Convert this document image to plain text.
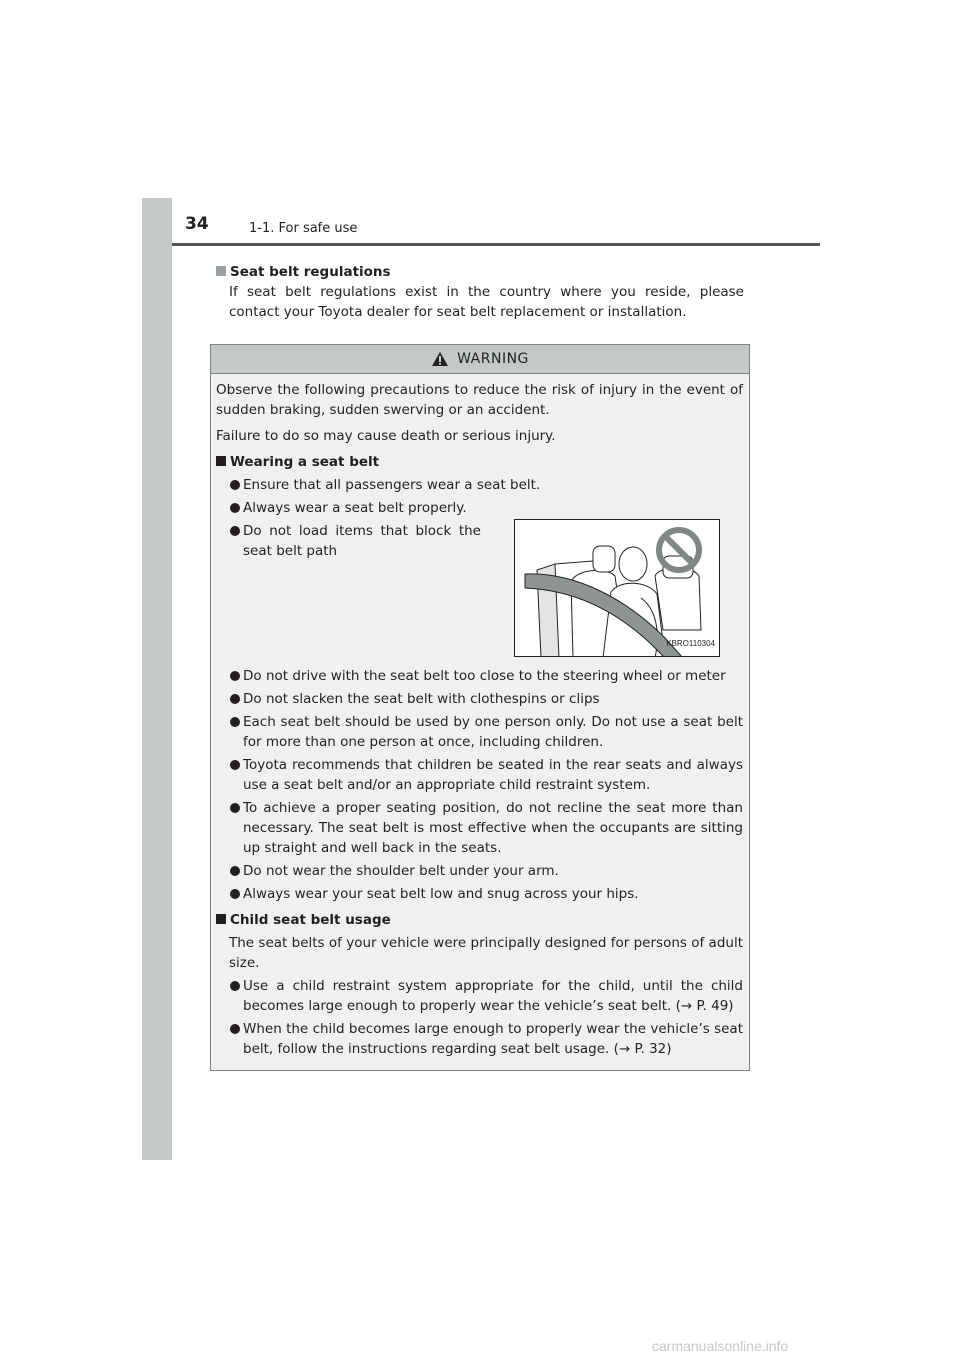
34	1-1. For safe use
Seat belt regulations
If seat belt regulations exist in the country where you reside, please contact your Toyota dealer for seat belt replacement or installation.
WARNING
Observe the following precautions to reduce the risk of injury in the event of sudden braking, sudden swerving or an accident.
Failure to do so may cause death or serious injury.
Wearing a seat belt
Ensure that all passengers wear a seat belt.
Always wear a seat belt properly.
Do not load items that block the seat belt path
KBRO110304
Do not drive with the seat belt too close to the steering wheel or meter
Do not slacken the seat belt with clothespins or clips
Each seat belt should be used by one person only. Do not use a seat belt for more than one person at once, including children.
Toyota recommends that children be seated in the rear seats and always use a seat belt and/or an appropriate child restraint system.
To achieve a proper seating position, do not recline the seat more than necessary. The seat belt is most effective when the occupants are sitting up straight and well back in the seats.
Do not wear the shoulder belt under your arm.
Always wear your seat belt low and snug across your hips.
Child seat belt usage
The seat belts of your vehicle were principally designed for persons of adult size.
Use a child restraint system appropriate for the child, until the child becomes large enough to properly wear the vehicle’s seat belt. (→ P. 49)
When the child becomes large enough to properly wear the vehicle’s seat belt, follow the instructions regarding seat belt usage. (→ P. 32)
carmanualsonline.info
